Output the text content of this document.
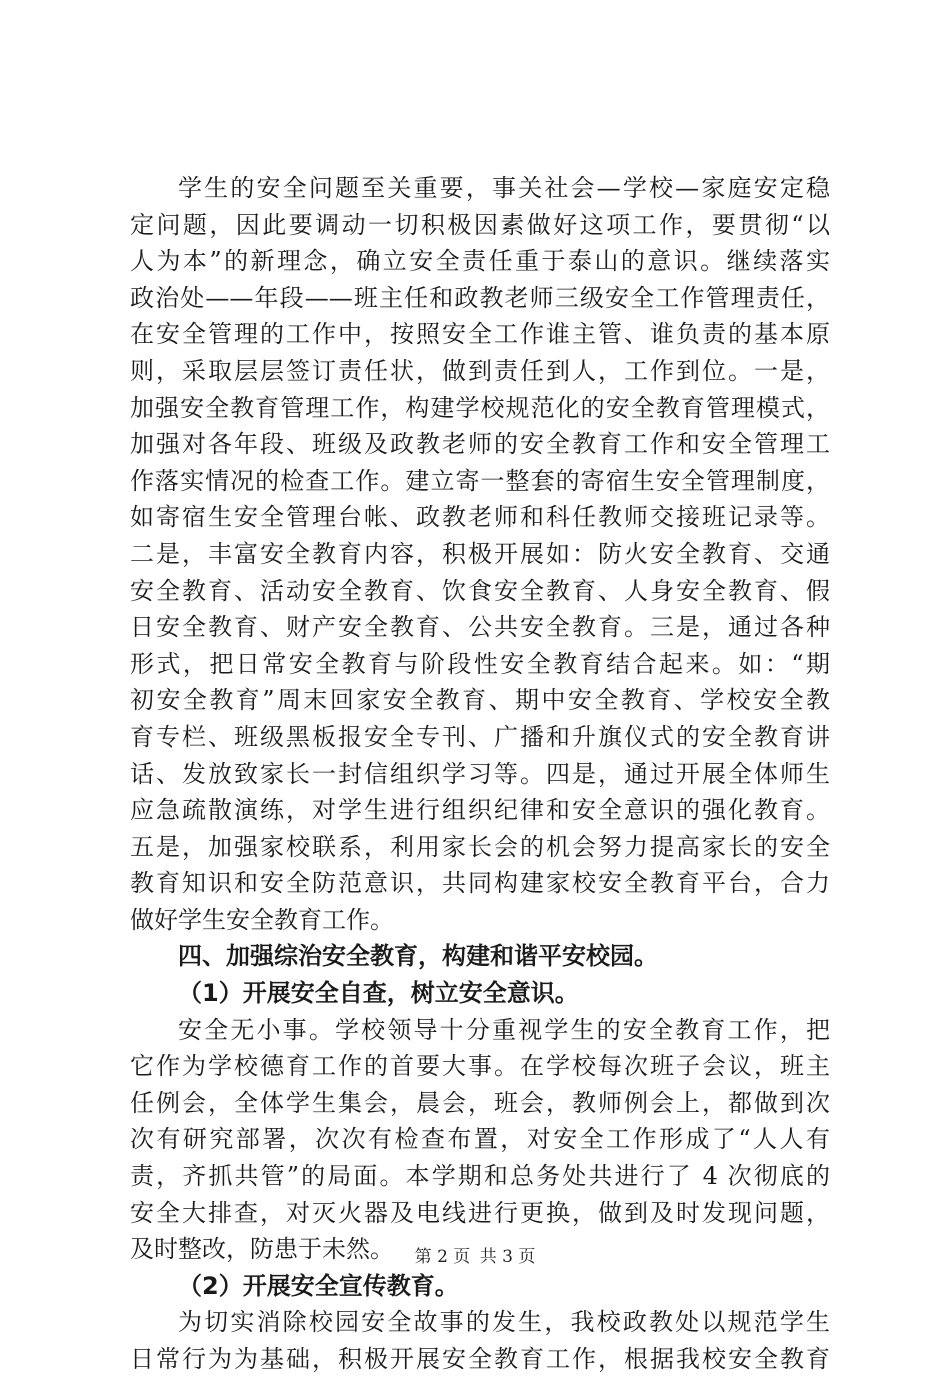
学生的安全问题至关重要，事关社会—学校—家庭安定稳
定问题，因此要调动一切积极因素做好这项工作，要贯彻“以
人为本”的新理念，确立安全责任重于泰山的意识。继续落实
政治处——年段——班主任和政教老师三级安全工作管理责任，
在安全管理的工作中，按照安全工作谁主管、谁负责的基本原
则，采取层层签订责任状，做到责任到人，工作到位。一是，
加强安全教育管理工作，构建学校规范化的安全教育管理模式，
加强对各年段、班级及政教老师的安全教育工作和安全管理工
作落实情况的检查工作。建立寄一整套的寄宿生安全管理制度，
如寄宿生安全管理台帐、政教老师和科任教师交接班记录等。
二是，丰富安全教育内容，积极开展如：防火安全教育、交通
安全教育、活动安全教育、饮食安全教育、人身安全教育、假
日安全教育、财产安全教育、公共安全教育。三是，通过各种
形式，把日常安全教育与阶段性安全教育结合起来。如：“期
初安全教育”周末回家安全教育、期中安全教育、学校安全教
育专栏、班级黑板报安全专刊、广播和升旗仪式的安全教育讲
话、发放致家长一封信组织学习等。四是，通过开展全体师生
应急疏散演练，对学生进行组织纪律和安全意识的强化教育。
五是，加强家校联系，利用家长会的机会努力提高家长的安全
教育知识和安全防范意识，共同构建家校安全教育平台，合力
做好学生安全教育工作。
四、加强综治安全教育，构建和谐平安校园。
（1）开展安全自查，树立安全意识。
安全无小事。学校领导十分重视学生的安全教育工作，把
它作为学校德育工作的首要大事。在学校每次班子会议，班主
任例会，全体学生集会，晨会，班会，教师例会上，都做到次
次有研究部署，次次有检查布置，对安全工作形成了“人人有
责，齐抓共管”的局面。本学期和总务处共进行了 4 次彻底的
安全大排查，对灭火器及电线进行更换，做到及时发现问题，
及时整改，防患于未然。
（2）开展安全宣传教育。
为切实消除校园安全故事的发生，我校政教处以规范学生
日常行为为基础，积极开展安全教育工作，根据我校安全教育
第 2 页 共 3 页
